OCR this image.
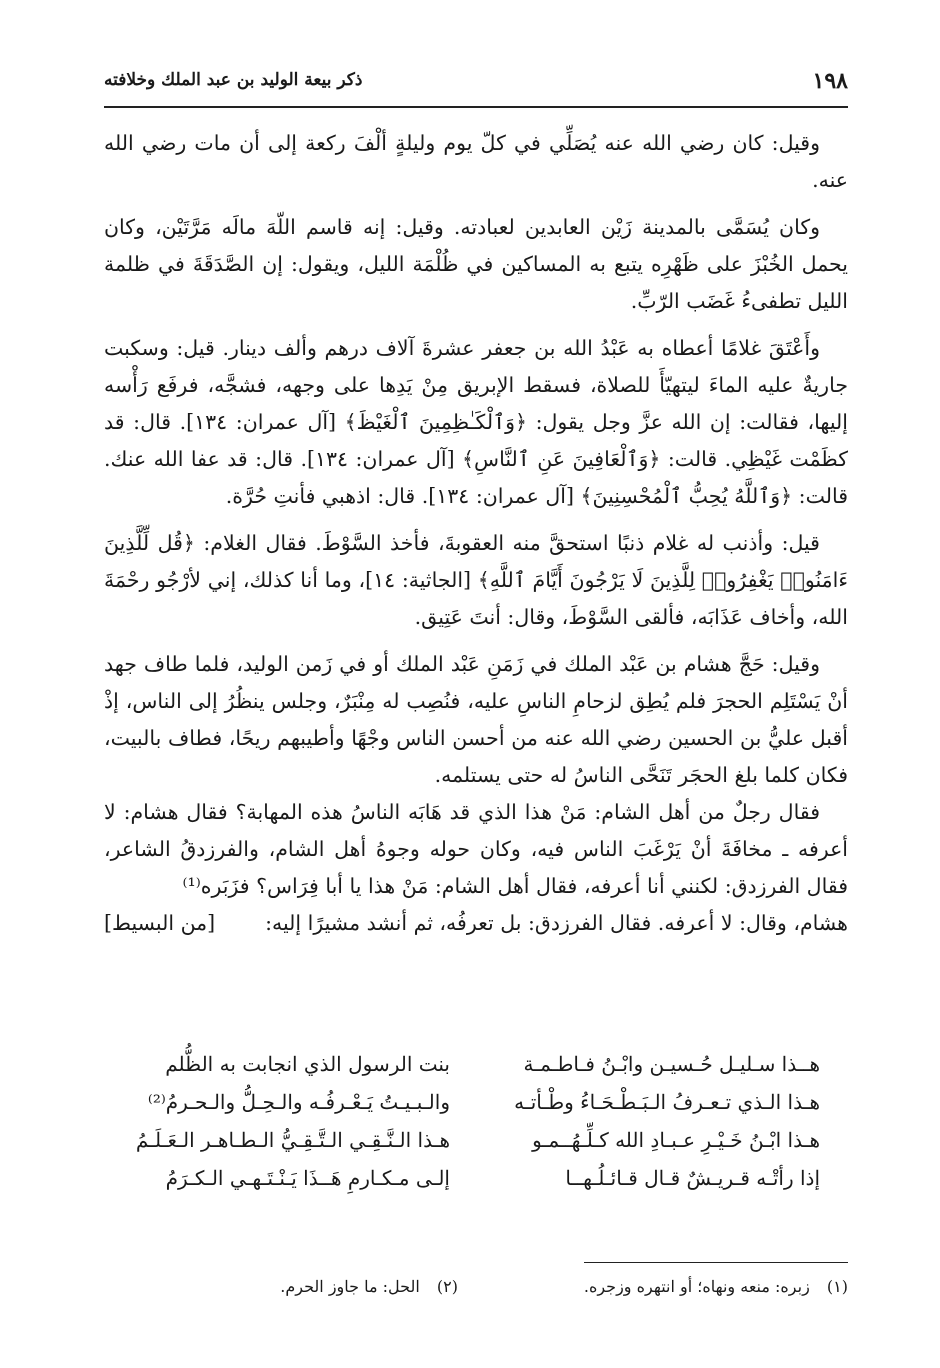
١٩٨
ذكر بيعة الوليد بن عبد الملك وخلافته

وقيل: كان رضي الله عنه يُصَلِّي في كلّ يوم وليلةٍ ألْفَ ركعة إلى أن مات رضي الله عنه.

وكان يُسَمَّى بالمدينة زَيْن العابدين لعبادته. وقيل: إنه قاسم اللّهَ مالَه مَرَّتَيْن، وكان يحمل الخُبْزَ على ظَهْرِه يتبع به المساكين في ظُلْمَة الليل، ويقول: إن الصَّدَقَةَ في ظلمة الليل تطفىءُ غَضَب الرّبِّ.

وأَعْتَقَ غلامًا أعطاه به عَبْدُ الله بن جعفر عشرةَ آلاف درهم وألف دينار. قيل: وسكبت جاريةٌ عليه الماءَ ليتهيّأَ للصلاة، فسقط الإبريق مِنْ يَدِها على وجهه، فشجَّه، فرفَع رَأْسه إليها، فقالت: إن الله عزَّ وجل يقول: ﴿وَٱلْكَـٰظِمِينَ ٱلْغَيْظَ﴾ [آل عمران: ١٣٤]. قال: قد كظَمْت غَيْظِي. قالت: ﴿وَٱلْعَافِينَ عَنِ ٱلنَّاسِ﴾ [آل عمران: ١٣٤]. قال: قد عفا الله عنك. قالت: ﴿وَٱللَّهُ يُحِبُّ ٱلْمُحْسِنِينَ﴾ [آل عمران: ١٣٤]. قال: اذهبي فأنتِ حُرَّة.

قيل: وأذنب له غلام ذنبًا استحقَّ منه العقوبةَ، فأخذ السَّوْطَ. فقال الغلام: ﴿قُل لِّلَّذِينَ ءَامَنُوا۟ يَغْفِرُوا۟ لِلَّذِينَ لَا يَرْجُونَ أَيَّامَ ٱللَّهِ﴾ [الجاثية: ١٤]، وما أنا كذلك، إني لأرْجُو رحْمَةَ الله، وأخاف عَذَابَه، فألقى السَّوْطَ، وقال: أنتَ عَتِيق.

وقيل: حَجَّ هشام بن عَبْد الملك في زَمَنِ عَبْد الملك أو في زَمن الوليد، فلما طاف جهد أنْ يَسْتَلِم الحجرَ فلم يُطِق لزحامِ الناسِ عليه، فنُصِب له مِنْبَرٌ، وجلس ينظُرُ إلى الناس، إذْ أقبل عليُّ بن الحسين رضي الله عنه من أحسن الناس وجْهًا وأطيبهم ريحًا، فطاف بالبيت، فكان كلما بلغ الحجَر تَنَحَّى الناسُ له حتى يستلمه.

فقال رجلٌ من أهل الشام: مَنْ هذا الذي قد هَابَه الناسُ هذه المهابة؟ فقال هشام: لا أعرفه ـ مخافَةَ أنْ يَرْغَبَ الناس فيه، وكان حوله وجوهُ أهل الشام، والفرزدقُ الشاعر، فقال الفرزدق: لكنني أنا أعرفه، فقال أهل الشام: مَنْ هذا يا أبا فِرَاس؟ فزَبَره⁽¹⁾

هشام، وقال: لا أعرفه. فقال الفرزدق: بل تعرفُه، ثم أنشد مشيرًا إليه:
[من البسيط]

هــذا سـليـل حُـسيـن وابْـنُ فـاطـمـة
بنت الرسول الذي انجابت به الظُّلم
هـذا الـذي تـعـرفُ الـبَـطْـحَـاءُ وطْـأتـه
والـبـيـتُ يَـعْـرفُـه والـحِـلُّ والـحـرمُ⁽²⁾
هـذا ابْـنُ خَـيْـرِ عـبـادِ الله كـلِّـهُــمـو
هـذا الـنَّـقِـي الـتَّـقِـيُّ الـطـاهـر الـعَـلَـمُ
إذا رأتْـه قـريـشٌ قـال قـائـلُـهــا
إلـى مـكـارمِ هَــذَا يَـنْـتَـهـي الـكـرَمُ
(١) زبره: منعه ونهاه؛ أو انتهره وزجره.
(٢) الحل: ما جاوز الحرم.
